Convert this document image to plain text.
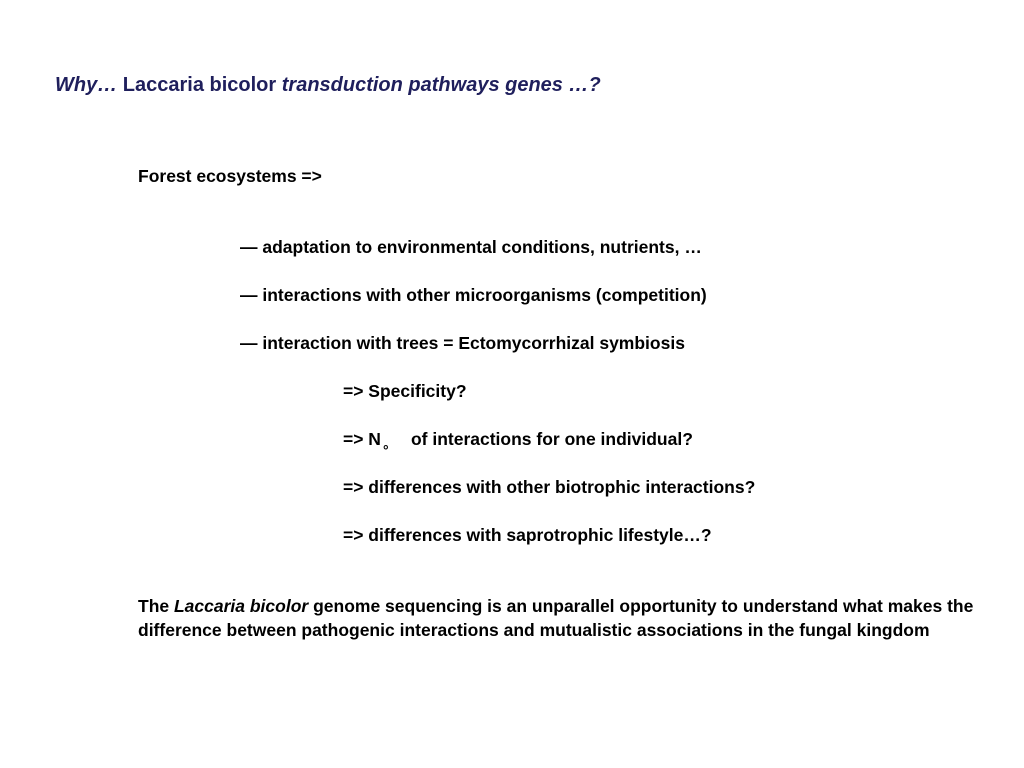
Why… Laccaria bicolor transduction pathways genes …?
Forest ecosystems =>
— adaptation to environmental conditions, nutrients, …
— interactions with other microorganisms (competition)
— interaction with trees = Ectomycorrhizal symbiosis
=> Specificity?
=> N
°
of interactions for one individual?
=> differences with other biotrophic interactions?
=> differences with saprotrophic lifestyle…?
The Laccaria bicolor genome sequencing is an unparallel opportunity to understand what makes the difference between pathogenic interactions and mutualistic associations in the fungal kingdom
